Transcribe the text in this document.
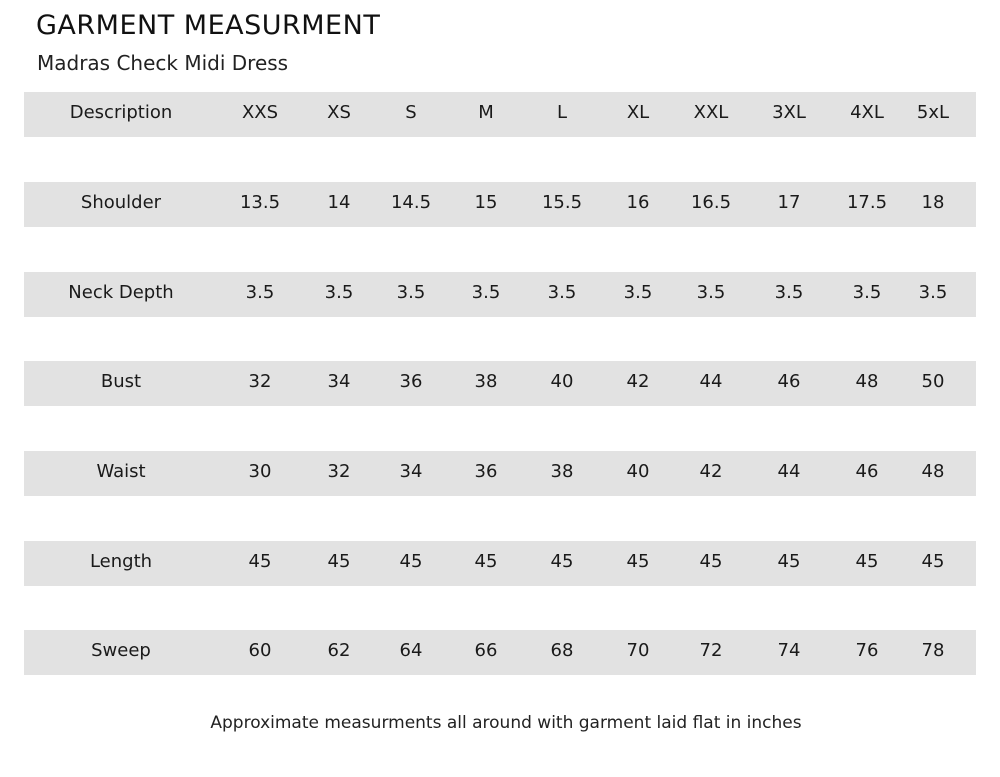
GARMENT MEASURMENT
Madras Check Midi Dress
Description	XXS	XS	S	M	L	XL XXL 3XL 4XL 5xL
Shoulder	13.5	14 14.5 15 15.5 16 16.5	17	17.5 18
Neck Depth	3.5	3.5 3.5	3.5	3.5	3.5 3.5	3.5	3.5 3.5
Bust	32	34	36	38	40	42	44	46	48 50
Waist	30	32	34	36	38	40	42	44	46 48
Length	45	45	45	45	45	45	45	45	45 45
Sweep	60	62	64	66	68	70	72	74	76 78
Approximate measurments all around with garment laid flat in inches
